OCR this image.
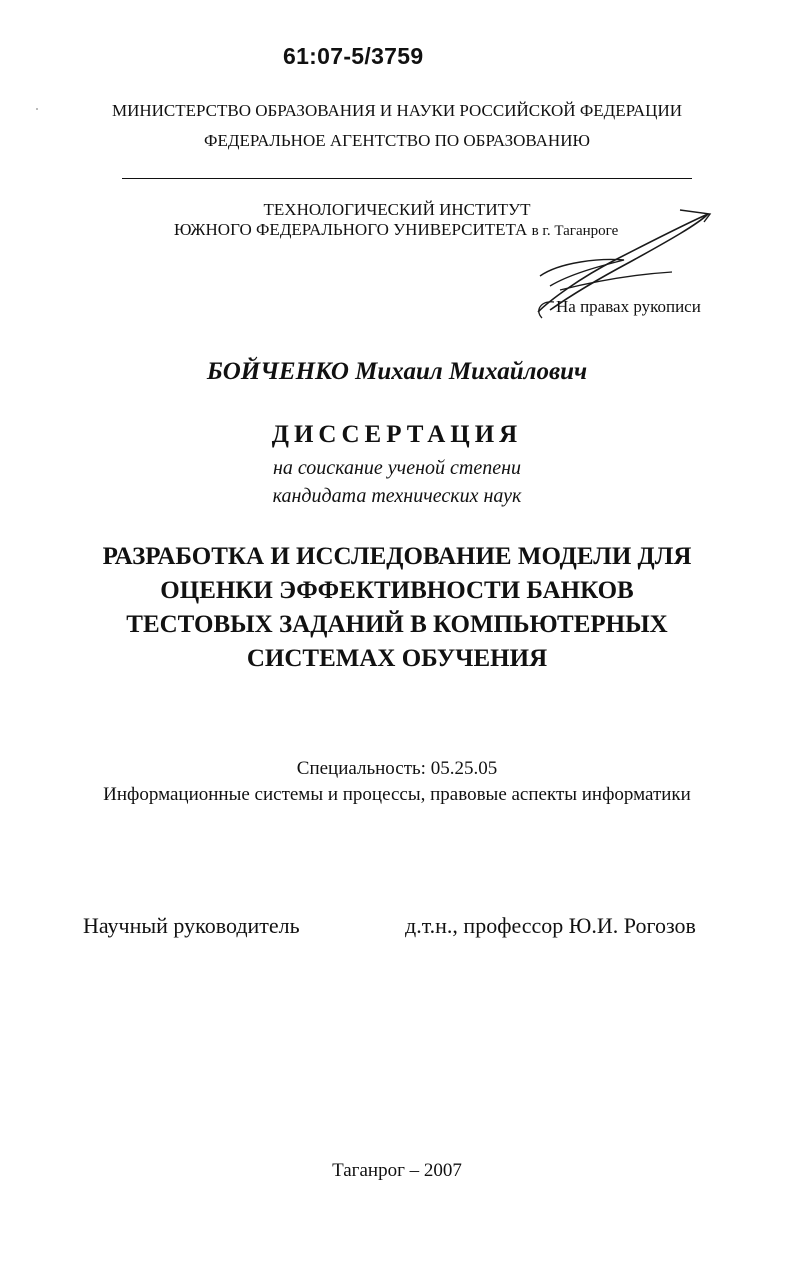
61:07-5/3759
МИНИСТЕРСТВО ОБРАЗОВАНИЯ И НАУКИ РОССИЙСКОЙ ФЕДЕРАЦИИ
ФЕДЕРАЛЬНОЕ АГЕНТСТВО ПО ОБРАЗОВАНИЮ
ТЕХНОЛОГИЧЕСКИЙ ИНСТИТУТ
ЮЖНОГО ФЕДЕРАЛЬНОГО УНИВЕРСИТЕТА в г. Таганроге
На правах рукописи
БОЙЧЕНКО Михаил Михайлович
ДИССЕРТАЦИЯ
на соискание ученой степени
кандидата технических наук
РАЗРАБОТКА И ИССЛЕДОВАНИЕ МОДЕЛИ ДЛЯ
ОЦЕНКИ ЭФФЕКТИВНОСТИ БАНКОВ
ТЕСТОВЫХ ЗАДАНИЙ В КОМПЬЮТЕРНЫХ
СИСТЕМАХ ОБУЧЕНИЯ
Специальность: 05.25.05
Информационные системы и процессы, правовые аспекты информатики
Научный руководитель	д.т.н., профессор Ю.И. Рогозов
Таганрог – 2007
